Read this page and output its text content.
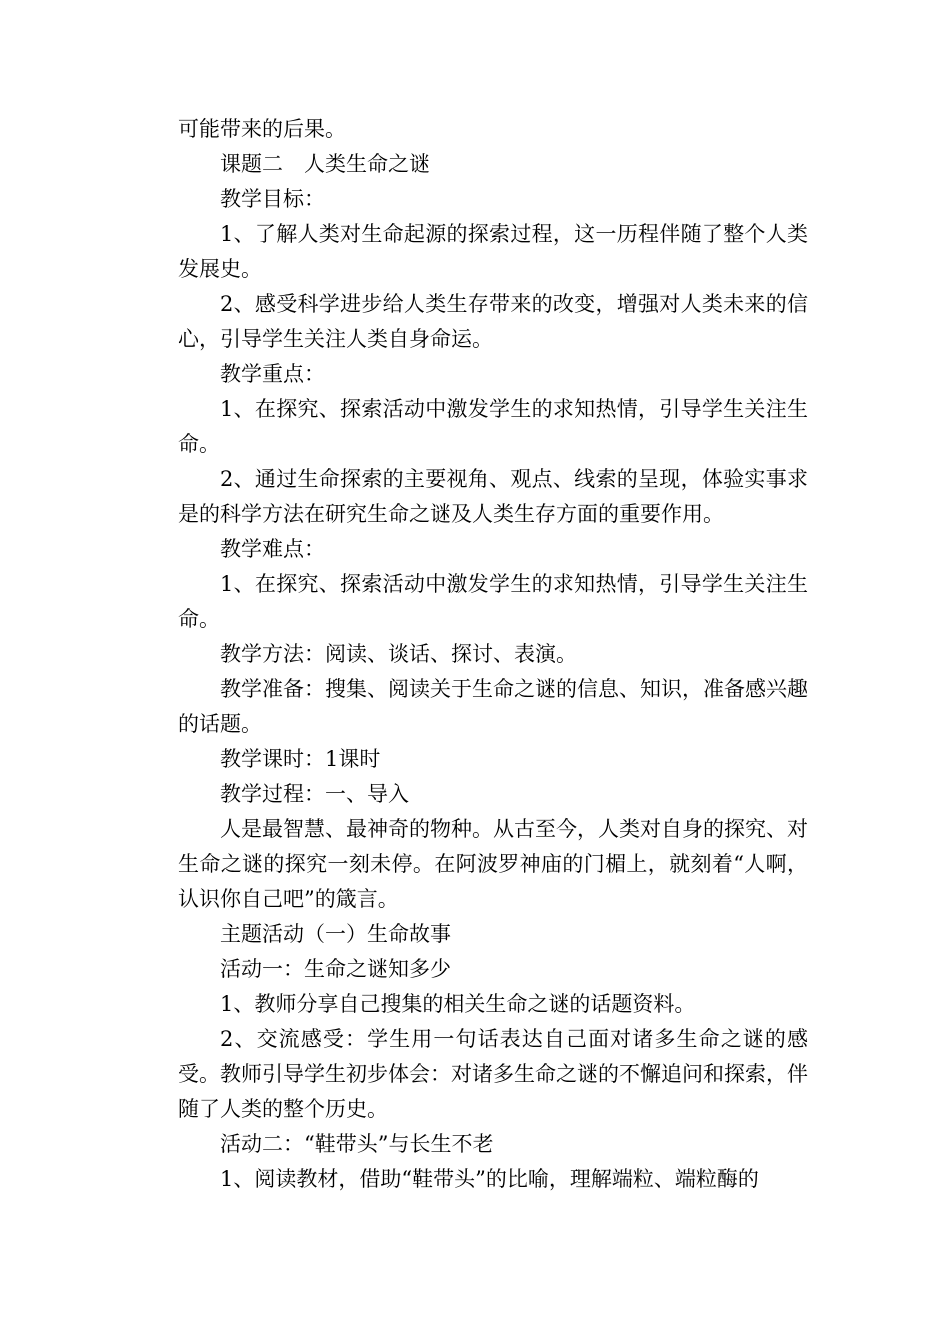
可能带来的后果。

课题二　人类生命之谜

教学目标：

1、了解人类对生命起源的探索过程，这一历程伴随了整个人类发展史。

2、感受科学进步给人类生存带来的改变，增强对人类未来的信心，引导学生关注人类自身命运。

教学重点：

1、在探究、探索活动中激发学生的求知热情，引导学生关注生命。

2、通过生命探索的主要视角、观点、线索的呈现，体验实事求是的科学方法在研究生命之谜及人类生存方面的重要作用。

教学难点：

1、在探究、探索活动中激发学生的求知热情，引导学生关注生命。

教学方法：阅读、谈话、探讨、表演。

教学准备：搜集、阅读关于生命之谜的信息、知识，准备感兴趣的话题。

教学课时：1课时

教学过程：一、导入

人是最智慧、最神奇的物种。从古至今，人类对自身的探究、对生命之谜的探究一刻未停。在阿波罗神庙的门楣上，就刻着“人啊，认识你自己吧”的箴言。

主题活动（一）生命故事

活动一：生命之谜知多少

1、教师分享自己搜集的相关生命之谜的话题资料。

2、交流感受：学生用一句话表达自己面对诸多生命之谜的感受。教师引导学生初步体会：对诸多生命之谜的不懈追问和探索，伴随了人类的整个历史。

活动二：“鞋带头”与长生不老

1、阅读教材，借助“鞋带头”的比喻，理解端粒、端粒酶的
